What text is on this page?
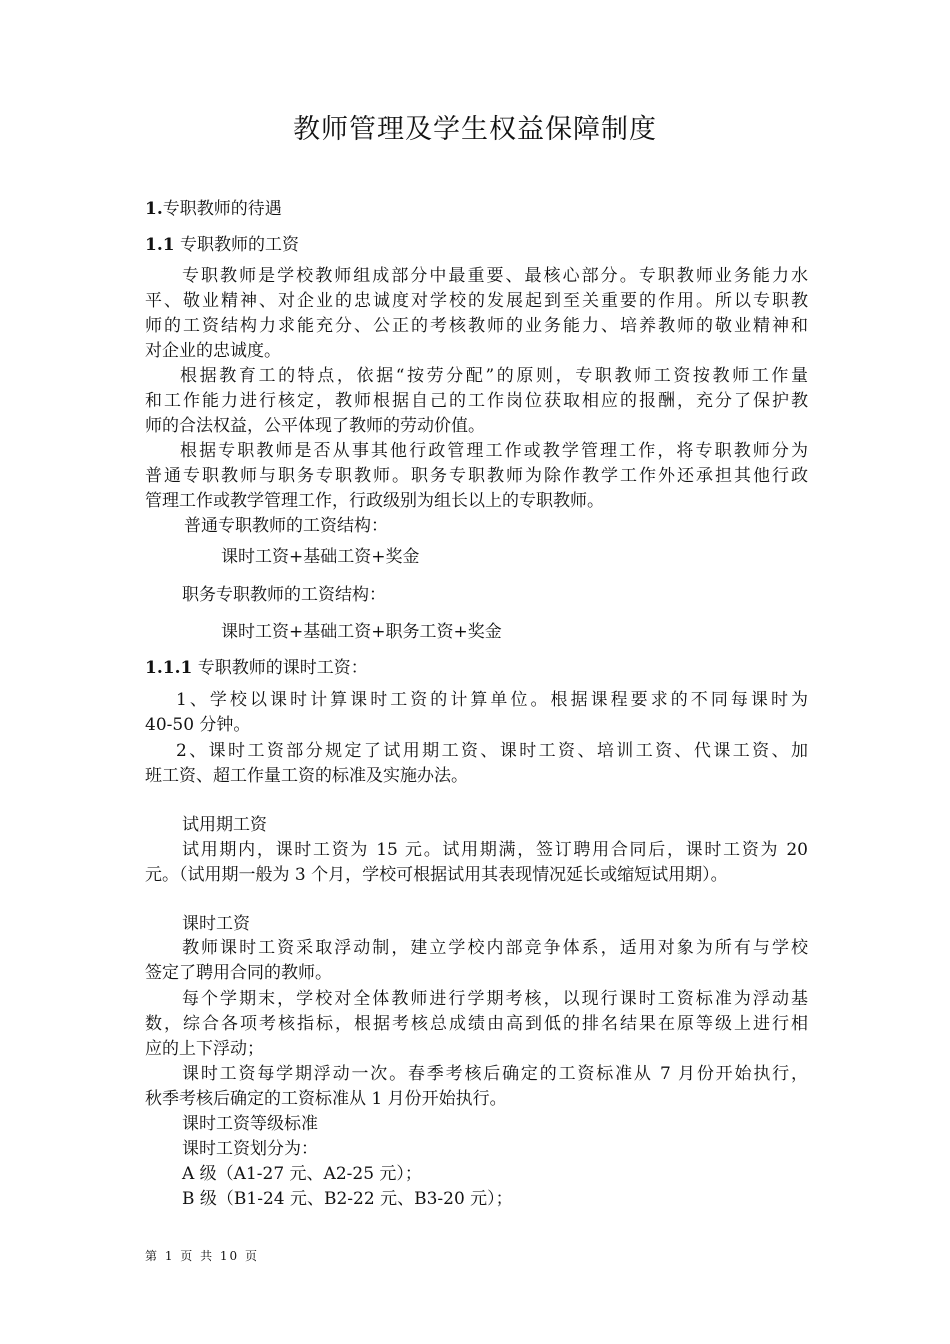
教师管理及学生权益保障制度
1.专职教师的待遇
1.1 专职教师的工资
专职教师是学校教师组成部分中最重要、最核心部分。专职教师业务能力水
平、敬业精神、对企业的忠诚度对学校的发展起到至关重要的作用。所以专职教
师的工资结构力求能充分、公正的考核教师的业务能力、培养教师的敬业精神和
对企业的忠诚度。
根据教育工的特点，依据“按劳分配”的原则，专职教师工资按教师工作量
和工作能力进行核定，教师根据自己的工作岗位获取相应的报酬，充分了保护教
师的合法权益，公平体现了教师的劳动价值。
根据专职教师是否从事其他行政管理工作或教学管理工作，将专职教师分为
普通专职教师与职务专职教师。职务专职教师为除作教学工作外还承担其他行政
管理工作或教学管理工作，行政级别为组长以上的专职教师。
普通专职教师的工资结构：
课时工资+基础工资+奖金
职务专职教师的工资结构：
课时工资+基础工资+职务工资+奖金
1.1.1 专职教师的课时工资：
1、学校以课时计算课时工资的计算单位。根据课程要求的不同每课时为
40-50 分钟。
2、课时工资部分规定了试用期工资、课时工资、培训工资、代课工资、加
班工资、超工作量工资的标准及实施办法。
试用期工资
试用期内，课时工资为 15 元。试用期满，签订聘用合同后，课时工资为 20
元。（试用期一般为 3 个月，学校可根据试用其表现情况延长或缩短试用期）。
课时工资
教师课时工资采取浮动制，建立学校内部竞争体系，适用对象为所有与学校
签定了聘用合同的教师。
每个学期末，学校对全体教师进行学期考核，以现行课时工资标准为浮动基
数，综合各项考核指标，根据考核总成绩由高到低的排名结果在原等级上进行相
应的上下浮动；
课时工资每学期浮动一次。春季考核后确定的工资标准从 7 月份开始执行，
秋季考核后确定的工资标准从 1 月份开始执行。
课时工资等级标准
课时工资划分为：
A 级（A1-27 元、A2-25 元）；
B 级（B1-24 元、B2-22 元、B3-20 元）；
第 1 页 共 10 页
